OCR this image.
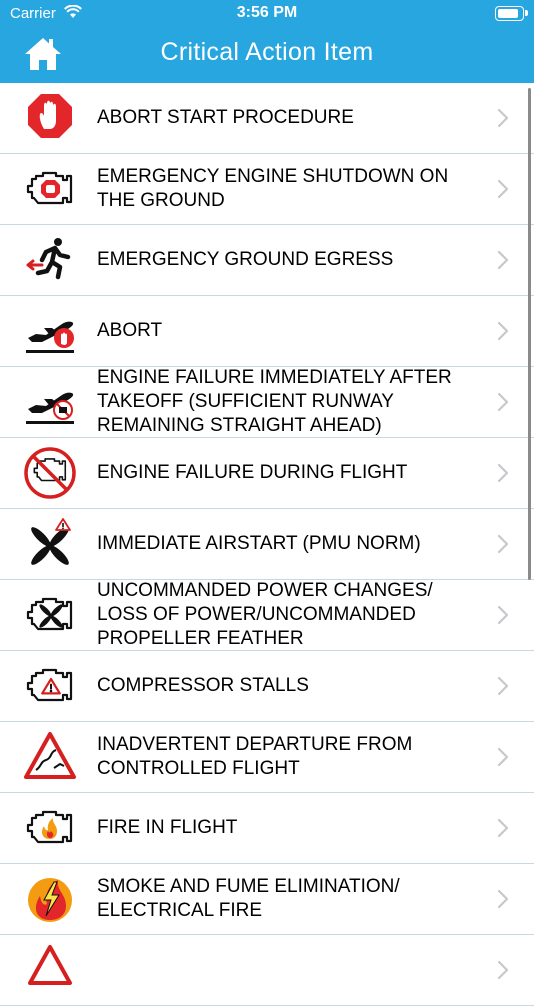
Carrier	3:56 PM
Critical Action Item
ABORT START PROCEDURE
EMERGENCY ENGINE SHUTDOWN ON THE GROUND
EMERGENCY GROUND EGRESS
ABORT
ENGINE FAILURE IMMEDIATELY AFTER TAKEOFF (SUFFICIENT RUNWAY REMAINING STRAIGHT AHEAD)
ENGINE FAILURE DURING FLIGHT
IMMEDIATE AIRSTART (PMU NORM)
UNCOMMANDED POWER CHANGES/ LOSS OF POWER/UNCOMMANDED PROPELLER FEATHER
COMPRESSOR STALLS
INADVERTENT DEPARTURE FROM CONTROLLED FLIGHT
FIRE IN FLIGHT
SMOKE AND FUME ELIMINATION/ ELECTRICAL FIRE
